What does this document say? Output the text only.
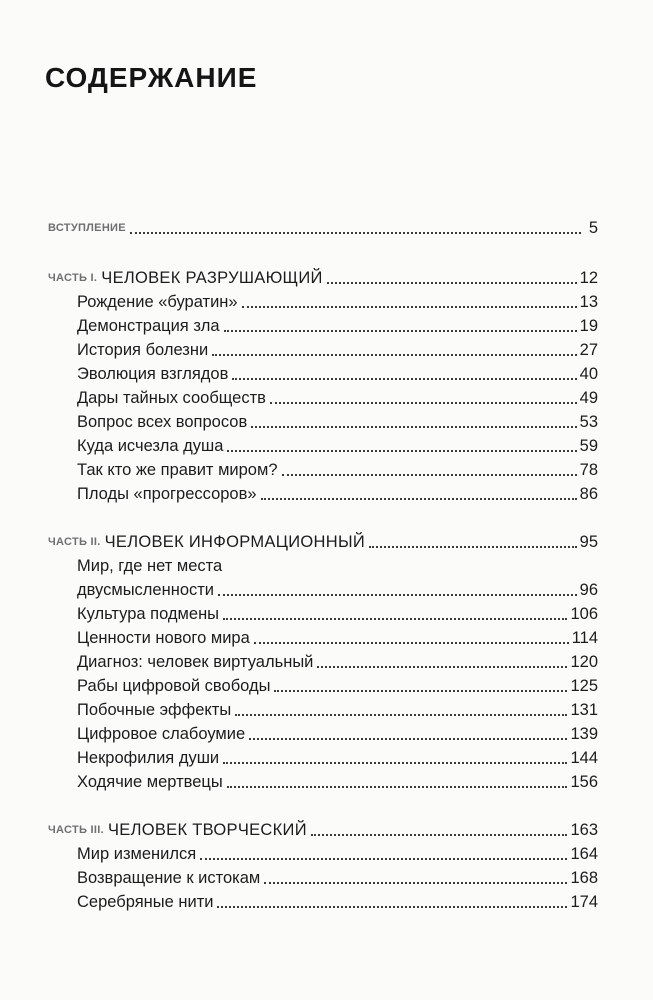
СОДЕРЖАНИЕ
ВСТУПЛЕНИЕ	5
ЧАСТЬ I. ЧЕЛОВЕК РАЗРУШАЮЩИЙ	12
Рождение «буратин»	13
Демонстрация зла	19
История болезни	27
Эволюция взглядов	40
Дары тайных сообществ	49
Вопрос всех вопросов	53
Куда исчезла душа	59
Так кто же правит миром?	78
Плоды «прогрессоров»	86
ЧАСТЬ II. ЧЕЛОВЕК ИНФОРМАЦИОННЫЙ	95
Мир, где нет места
двусмысленности	96
Культура подмены	106
Ценности нового мира	114
Диагноз: человек виртуальный	120
Рабы цифровой свободы	125
Побочные эффекты	131
Цифровое слабоумие	139
Некрофилия души	144
Ходячие мертвецы	156
ЧАСТЬ III. ЧЕЛОВЕК ТВОРЧЕСКИЙ	163
Мир изменился	164
Возвращение к истокам	168
Серебряные нити	174
